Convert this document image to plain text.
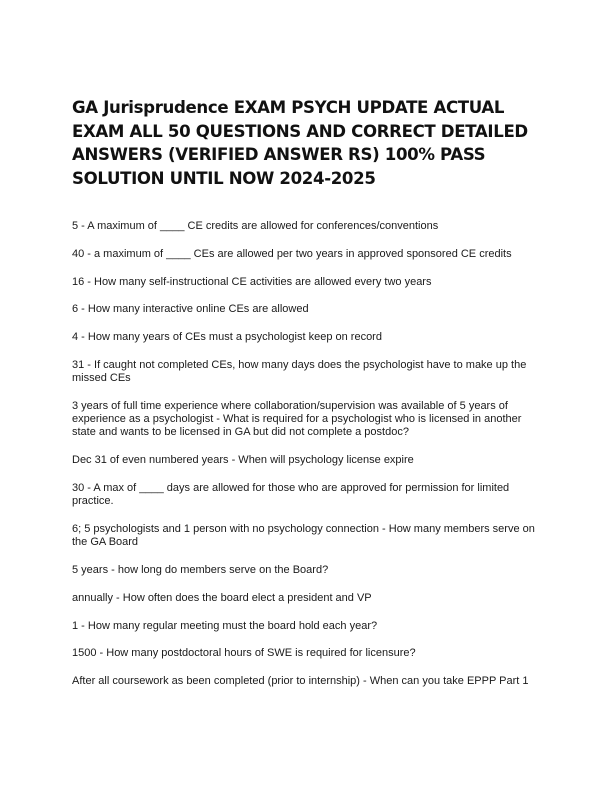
GA Jurisprudence EXAM PSYCH UPDATE ACTUAL EXAM ALL 50 QUESTIONS AND CORRECT DETAILED ANSWERS (VERIFIED ANSWER RS) 100% PASS SOLUTION UNTIL NOW 2024-2025
5 - A maximum of ____ CE credits are allowed for conferences/conventions
40 - a maximum of ____ CEs are allowed per two years in approved sponsored CE credits
16 - How many self-instructional CE activities are allowed every two years
6 - How many interactive online CEs are allowed
4 - How many years of CEs must a psychologist keep on record
31 - If caught not completed CEs, how many days does the psychologist have to make up the missed CEs
3 years of full time experience where collaboration/supervision was available of 5 years of experience as a psychologist - What is required for a psychologist who is licensed in another state and wants to be licensed in GA but did not complete a postdoc?
Dec 31 of even numbered years - When will psychology license expire
30 - A max of ____ days are allowed for those who are approved for permission for limited practice.
6; 5 psychologists and 1 person with no psychology connection - How many members serve on the GA Board
5 years - how long do members serve on the Board?
annually - How often does the board elect a president and VP
1 - How many regular meeting must the board hold each year?
1500 - How many postdoctoral hours of SWE is required for licensure?
After all coursework as been completed (prior to internship) - When can you take EPPP Part 1
